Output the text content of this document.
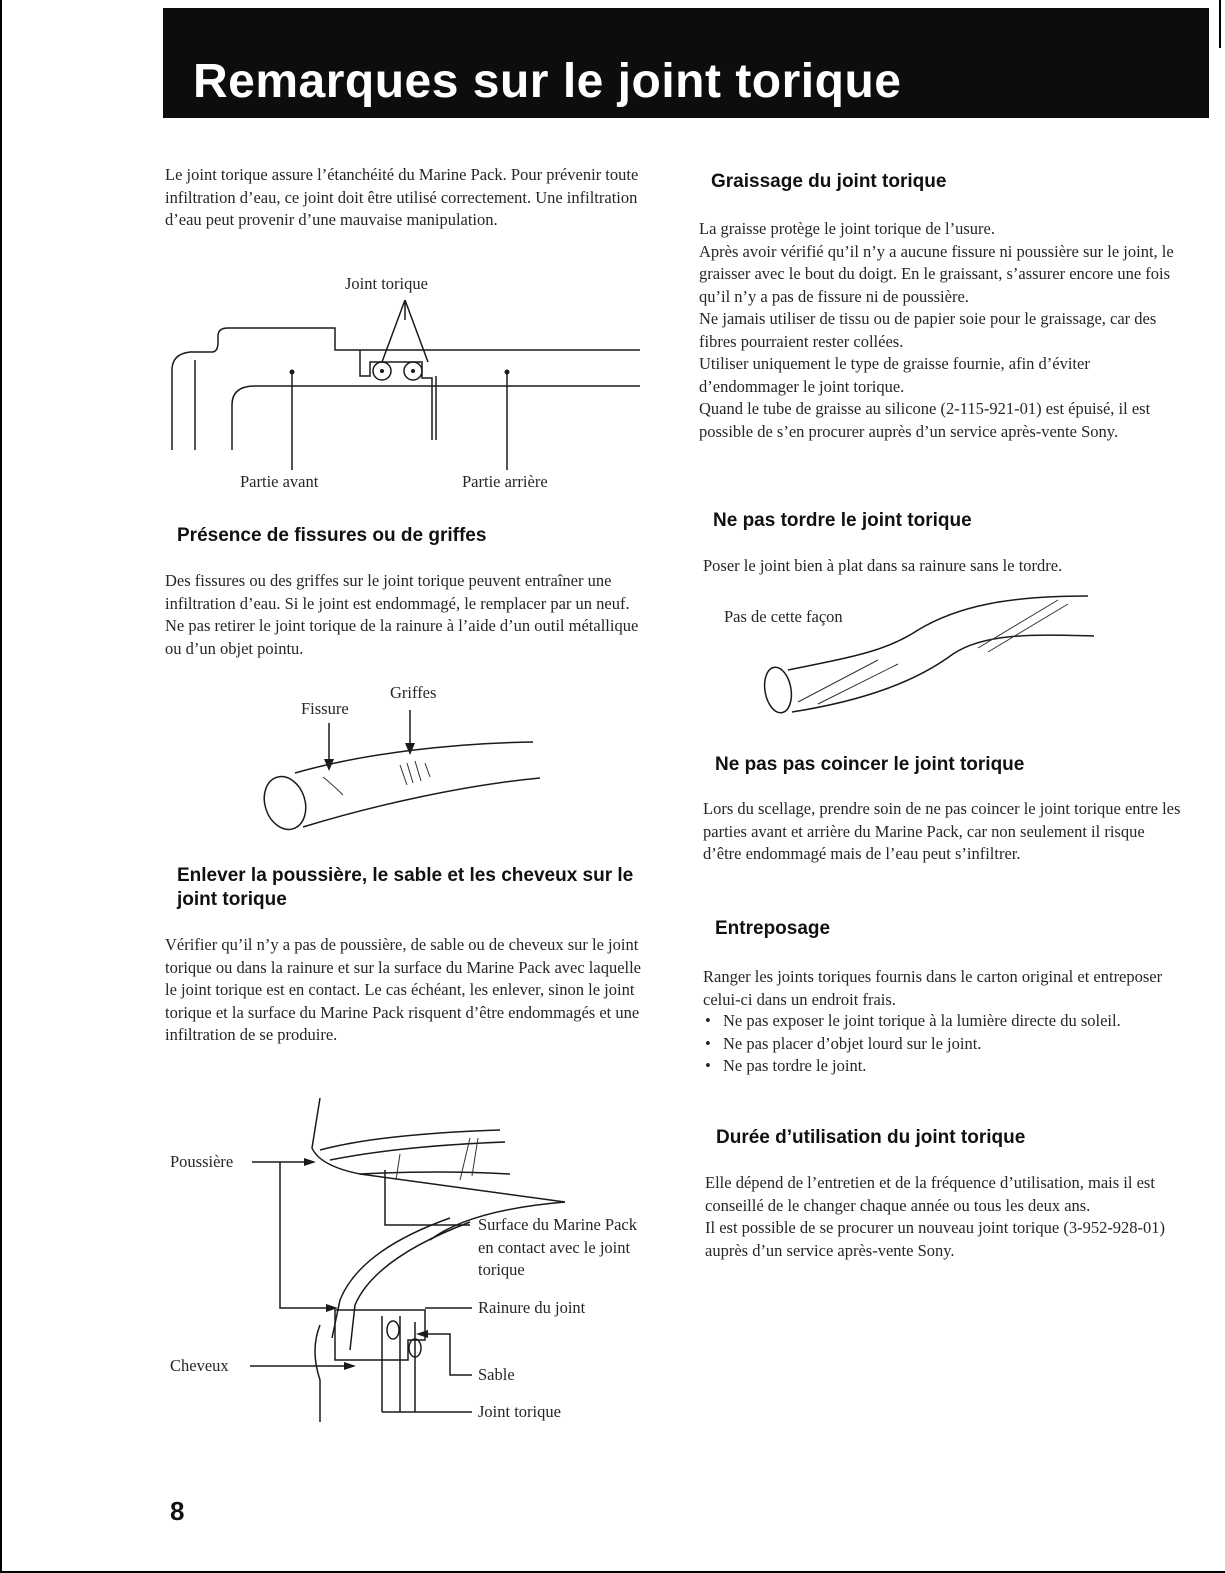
Remarques sur le joint torique

Le joint torique assure l’étanchéité du Marine Pack. Pour prévenir toute infiltration d’eau, ce joint doit être utilisé correctement. Une infiltration d’eau peut provenir d’une mauvaise manipulation.

Joint torique
Partie avant	Partie arrière
Présence de fissures ou de griffes

Des fissures ou des griffes sur le joint torique peuvent entraîner une infiltration d’eau. Si le joint est endommagé, le remplacer par un neuf. Ne pas retirer le joint torique de la rainure à l’aide d’un outil métallique ou d’un objet pointu.

Griffes
Fissure
Enlever la poussière, le sable et les cheveux sur le joint torique

Vérifier qu’il n’y a pas de poussière, de sable ou de cheveux sur le joint torique ou dans la rainure et sur la surface du Marine Pack avec laquelle le joint torique est en contact. Le cas échéant, les enlever, sinon le joint torique et la surface du Marine Pack risquent d’être endommagés et une infiltration de se produire.

Poussière
Surface du Marine Pack en contact avec le joint torique
Rainure du joint
Cheveux	Sable
Joint torique
Graissage du joint torique

La graisse protège le joint torique de l’usure.
Après avoir vérifié qu’il n’y a aucune fissure ni poussière sur le joint, le graisser avec le bout du doigt. En le graissant, s’assurer encore une fois qu’il n’y a pas de fissure ni de poussière.
Ne jamais utiliser de tissu ou de papier soie pour le graissage, car des fibres pourraient rester collées.
Utiliser uniquement le type de graisse fournie, afin d’éviter d’endommager le joint torique.
Quand le tube de graisse au silicone (2-115-921-01) est épuisé, il est possible de s’en procurer auprès d’un service après-vente Sony.

Ne pas tordre le joint torique

Poser le joint bien à plat dans sa rainure sans le tordre.

Pas de cette façon
Ne pas pas coincer le joint torique

Lors du scellage, prendre soin de ne pas coincer le joint torique entre les parties avant et arrière du Marine Pack, car non seulement il risque d’être endommagé mais de l’eau peut s’infiltrer.

Entreposage

Ranger les joints toriques fournis dans le carton original et entreposer celui-ci dans un endroit frais.

• Ne pas exposer le joint torique à la lumière directe du soleil.
• Ne pas placer d’objet lourd sur le joint.
• Ne pas tordre le joint.
Durée d’utilisation du joint torique

Elle dépend de l’entretien et de la fréquence d’utilisation, mais il est conseillé de le changer chaque année ou tous les deux ans.
Il est possible de se procurer un nouveau joint torique (3-952-928-01) auprès d’un service après-vente Sony.

8
